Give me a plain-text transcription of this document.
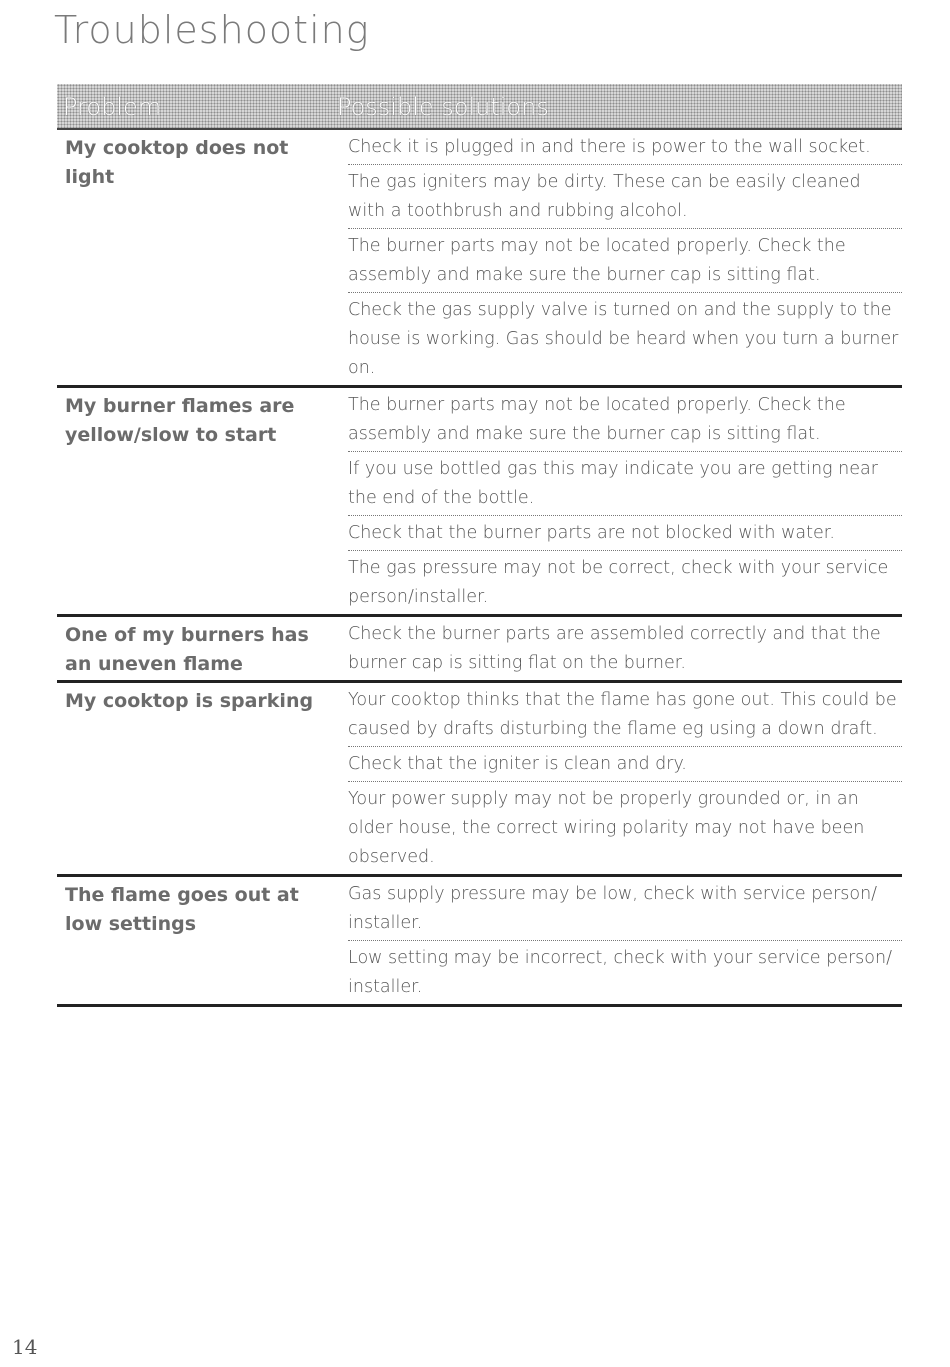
Troubleshooting
Problem	Possible solutions
My cooktop does not light
Check it is plugged in and there is power to the wall socket.
The gas igniters may be dirty. These can be easily cleaned with a toothbrush and rubbing alcohol.
The burner parts may not be located properly. Check the assembly and make sure the burner cap is sitting flat.
Check the gas supply valve is turned on and the supply to the house is working. Gas should be heard when you turn a burner on.
My burner flames are yellow/slow to start
The burner parts may not be located properly. Check the assembly and make sure the burner cap is sitting flat.
If you use bottled gas this may indicate you are getting near the end of the bottle.
Check that the burner parts are not blocked with water.
The gas pressure may not be correct, check with your service person/installer.
One of my burners has an uneven flame
Check the burner parts are assembled correctly and that the burner cap is sitting flat on the burner.
My cooktop is sparking	Your cooktop thinks that the flame has gone out. This could be caused by drafts disturbing the flame eg using a down draft.
Check that the igniter is clean and dry.
Your power supply may not be properly grounded or, in an older house, the correct wiring polarity may not have been observed.
The flame goes out at low settings
Gas supply pressure may be low, check with service person/ installer.
Low setting may be incorrect, check with your service person/ installer.
14
